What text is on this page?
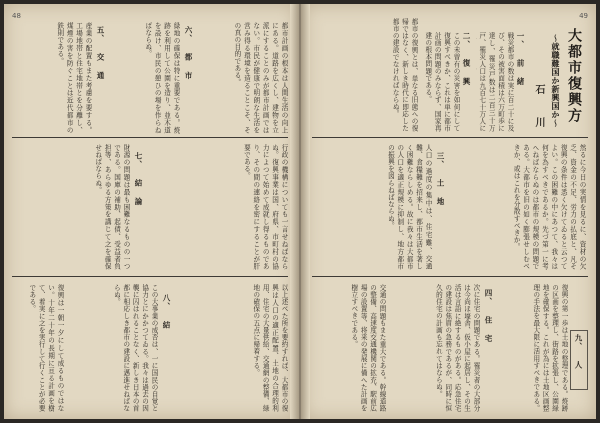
49
大都市復興方
〜就職難国か新興国か〜
石 川
一、 前 緒
戦災都市の数は実に百二十に及び、その被害面積は六万町歩に達し、罹災戸数は二百三十万戸、罹災人口は九百七十万人に
二、 復 興
この未曽有の災害を如何にして復興すべきか、これは単に都市計画の問題のみならず、国家再建の根本問題である。
都市の復興とは、単なる旧態への復帰ではなく、新しき時代に即応した都市の建設でなければならぬ。
然るに今日の実情を見るに、資材の欠乏、資金の不足、労力の払底と、凡そ復興の条件は悉く欠けてゐると云つてよい。この困難の中にあつて、我々は何を為すべきであるか。先づ第一に考へねばならぬのは都市の規模の問題である。大都市を旧の如く膨張せしむべきか、或はこれを分散すべきか。
三、 土 地
人口の過度の集中は、住宅難、交通難、食糧難を招来し、都市生活を著しく困難ならしめる。故に我々は大都市の人口を適正規模に抑制し、地方都市の振興を図らねばならぬ。
九、 人
復興の第一歩は土地の整理である。焼跡の区画を整理し、街路を拡張し、公園緑地を確保する。これが為には土地区画整理の手法を最大限に活用すべきである。
四、 住 宅
次に住宅の問題である。罹災者の大部分は今尚ほ壕舎、仮小屋に起居し、その生活は言語に絶するものがある。応急住宅の建設は焦眉の急務であるが、同時に恒久的住宅の計画も忘れてはならぬ。
交通の問題もまた重大である。幹線道路の整備、高速度交通機関の拡充、駅前広場の設置等、将来の発展に備へた計画を樹立すべきである。
48
都市計画の根本は人間生活の向上にある。道路を広くし、建物を立派にすることのみが都市計画ではない。市民が健康で明朗な生活を営み得る環境を造ることこそ、その真の目的である。
六、 都 市
緑地の確保は特に重要である。焼跡を利用して公園を造り、並木道を設け、市民の憩ひの場を作らねばならぬ。
五、 交 通
産業の配置もまた考慮を要する。工場地帯と住宅地帯とを分離し、煤煙の害を防ぐことは近代都市の鉄則である。
行政の機構についても一言せねばならぬ。復興事業は国、府県、市町村の協力によつて始めて成就し得るものであり、その間の連絡を密にすることが肝要である。
七、 結 論
財源の問題は最も困難なるものの一つである。国庫の補助、起債、受益者負担等、あらゆる方策を講じて之を確保せねばならぬ。
以上述べた所を要約すれば、大都市の復興は人口の適正配置、土地の合理的利用、住宅の大量供給、交通網の整備、緑地の確保の五点に帰着する。
八、 結
この大事業の成否は、一に国民の自覚と協力とにかかつてゐる。我々は過去の因襲に囚はれることなく、新しき日本の首都に相応しき都市の建設に邁進せねばならぬ。
復興は一朝一夕にして成るものではない。十年二十年の長期に亘る計画を樹て、着実に之を実行して行くことが必要である。
